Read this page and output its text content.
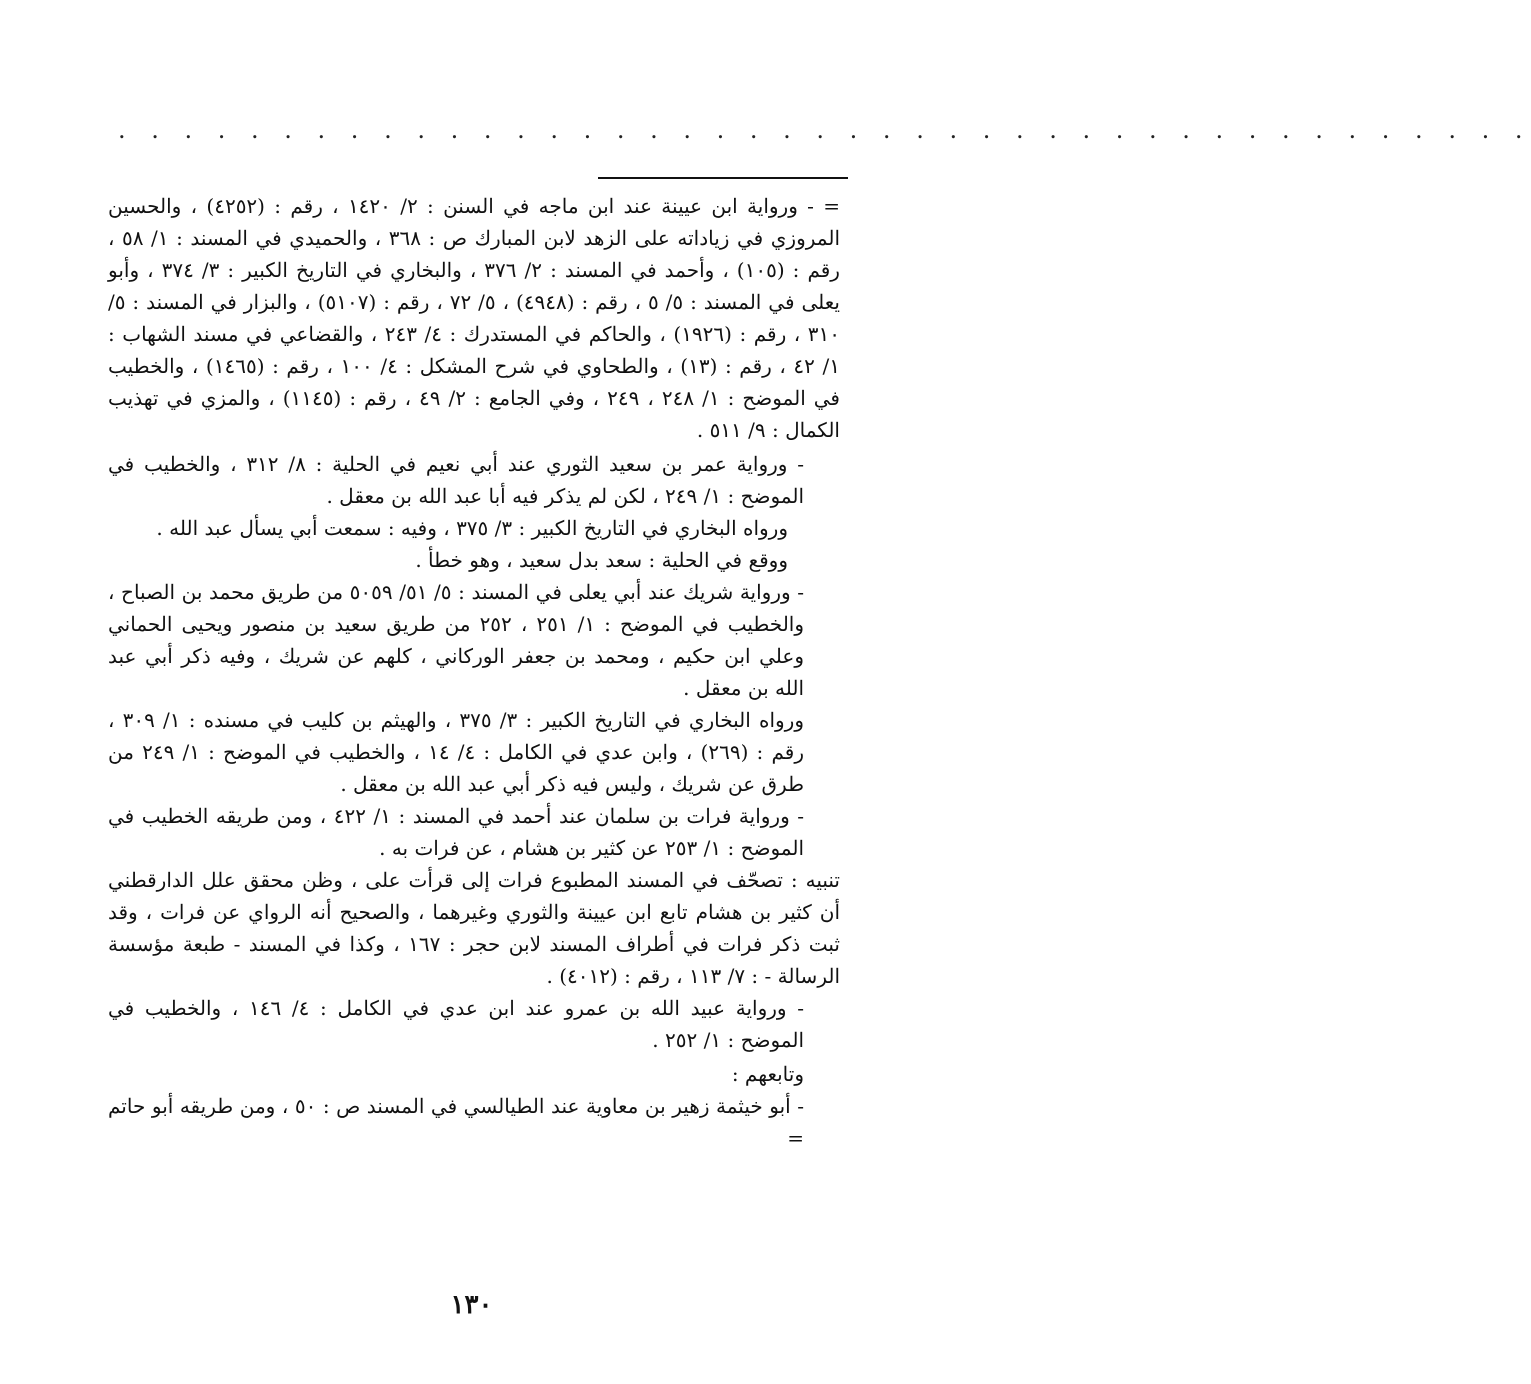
. . . . . . . . . . . . . . . . . . . . . . . . . . . . . . . . . . . . . . . . . . .

= - ورواية ابن عيينة عند ابن ماجه في السنن : ٢/ ١٤٢٠ ، رقم : (٤٢٥٢) ، والحسين المروزي في زياداته على الزهد لابن المبارك ص : ٣٦٨ ، والحميدي في المسند : ١/ ٥٨ ، رقم : (١٠٥) ، وأحمد في المسند : ٢/ ٣٧٦ ، والبخاري في التاريخ الكبير : ٣/ ٣٧٤ ، وأبو يعلى في المسند : ٥/ ٥ ، رقم : (٤٩٤٨) ، ٥/ ٧٢ ، رقم : (٥١٠٧) ، والبزار في المسند : ٥/ ٣١٠ ، رقم : (١٩٢٦) ، والحاكم في المستدرك : ٤/ ٢٤٣ ، والقضاعي في مسند الشهاب : ١/ ٤٢ ، رقم : (١٣) ، والطحاوي في شرح المشكل : ٤/ ١٠٠ ، رقم : (١٤٦٥) ، والخطيب في الموضح : ١/ ٢٤٨ ، ٢٤٩ ، وفي الجامع : ٢/ ٤٩ ، رقم : (١١٤٥) ، والمزي في تهذيب الكمال : ٩/ ٥١١ .

- ورواية عمر بن سعيد الثوري عند أبي نعيم في الحلية : ٨/ ٣١٢ ، والخطيب في الموضح : ١/ ٢٤٩ ، لكن لم يذكر فيه أبا عبد الله بن معقل .

ورواه البخاري في التاريخ الكبير : ٣/ ٣٧٥ ، وفيه : سمعت أبي يسأل عبد الله .

ووقع في الحلية : سعد بدل سعيد ، وهو خطأ .

- ورواية شريك عند أبي يعلى في المسند : ٥/ ٥١/ ٥٠٥٩ من طريق محمد بن الصباح ، والخطيب في الموضح : ١/ ٢٥١ ، ٢٥٢ من طريق سعيد بن منصور ويحيى الحماني وعلي ابن حكيم ، ومحمد بن جعفر الوركاني ، كلهم عن شريك ، وفيه ذكر أبي عبد الله بن معقل .

ورواه البخاري في التاريخ الكبير : ٣/ ٣٧٥ ، والهيثم بن كليب في مسنده : ١/ ٣٠٩ ، رقم : (٢٦٩) ، وابن عدي في الكامل : ٤/ ١٤ ، والخطيب في الموضح : ١/ ٢٤٩ من طرق عن شريك ، وليس فيه ذكر أبي عبد الله بن معقل .

- ورواية فرات بن سلمان عند أحمد في المسند : ١/ ٤٢٢ ، ومن طريقه الخطيب في الموضح : ١/ ٢٥٣ عن كثير بن هشام ، عن فرات به .

تنبيه : تصحّف في المسند المطبوع فرات إلى قرأت على ، وظن محقق علل الدارقطني أن كثير بن هشام تابع ابن عيينة والثوري وغيرهما ، والصحيح أنه الرواي عن فرات ، وقد ثبت ذكر فرات في أطراف المسند لابن حجر : ١٦٧ ، وكذا في المسند - طبعة مؤسسة الرسالة - : ٧/ ١١٣ ، رقم : (٤٠١٢) .

- ورواية عبيد الله بن عمرو عند ابن عدي في الكامل : ٤/ ١٤٦ ، والخطيب في الموضح : ١/ ٢٥٢ .

وتابعهم :

- أبو خيثمة زهير بن معاوية عند الطيالسي في المسند ص : ٥٠ ، ومن طريقه أبو حاتم =

١٣٠
